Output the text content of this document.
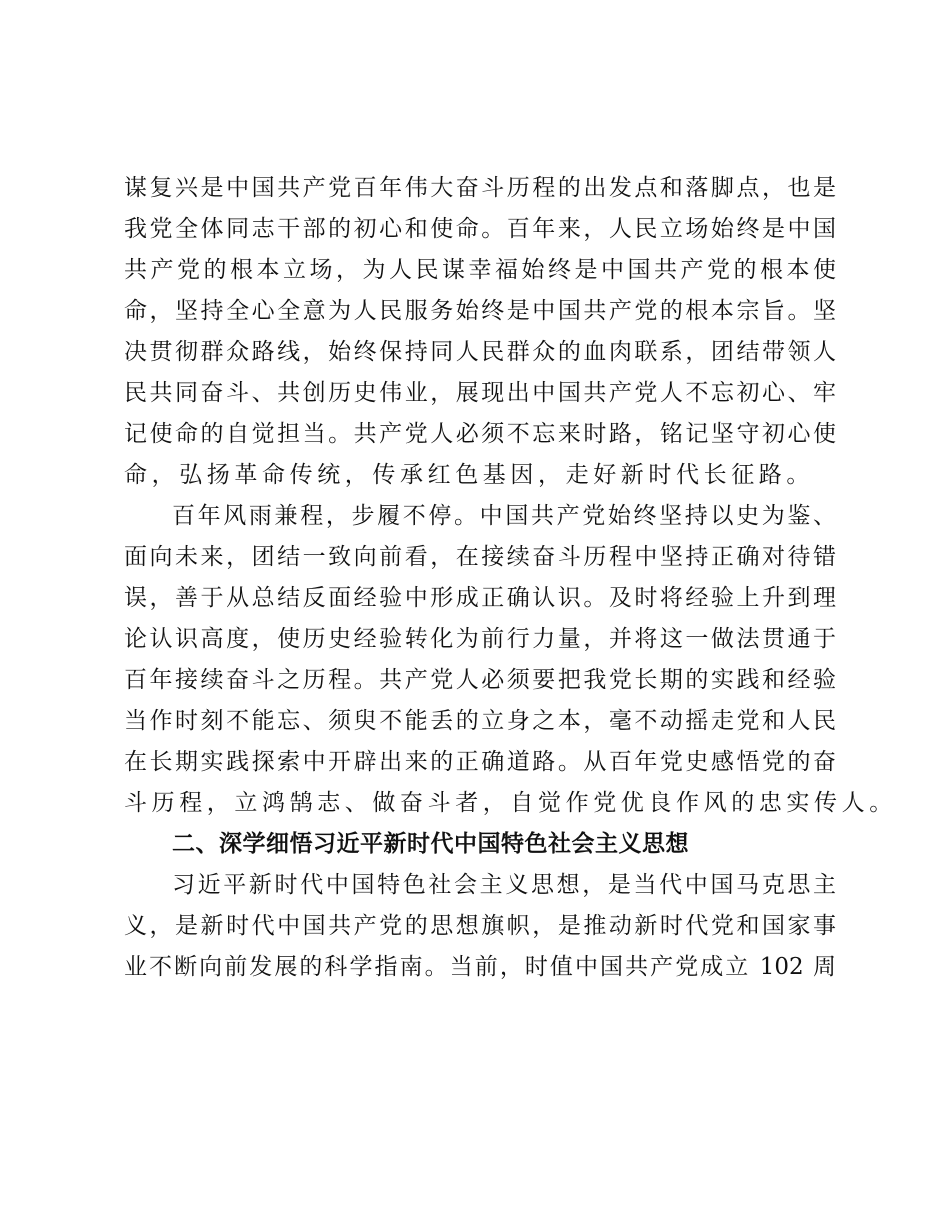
谋复兴是中国共产党百年伟大奋斗历程的出发点和落脚点，也是
我党全体同志干部的初心和使命。百年来，人民立场始终是中国
共产党的根本立场，为人民谋幸福始终是中国共产党的根本使
命，坚持全心全意为人民服务始终是中国共产党的根本宗旨。坚
决贯彻群众路线，始终保持同人民群众的血肉联系，团结带领人
民共同奋斗、共创历史伟业，展现出中国共产党人不忘初心、牢
记使命的自觉担当。共产党人必须不忘来时路，铭记坚守初心使
命，弘扬革命传统，传承红色基因，走好新时代长征路。
百年风雨兼程，步履不停。中国共产党始终坚持以史为鉴、
面向未来，团结一致向前看，在接续奋斗历程中坚持正确对待错
误，善于从总结反面经验中形成正确认识。及时将经验上升到理
论认识高度，使历史经验转化为前行力量，并将这一做法贯通于
百年接续奋斗之历程。共产党人必须要把我党长期的实践和经验
当作时刻不能忘、须臾不能丢的立身之本，毫不动摇走党和人民
在长期实践探索中开辟出来的正确道路。从百年党史感悟党的奋
斗历程，立鸿鹄志、做奋斗者，自觉作党优良作风的忠实传人。
二、深学细悟习近平新时代中国特色社会主义思想
习近平新时代中国特色社会主义思想，是当代中国马克思主
义，是新时代中国共产党的思想旗帜，是推动新时代党和国家事
业不断向前发展的科学指南。当前，时值中国共产党成立 102 周
